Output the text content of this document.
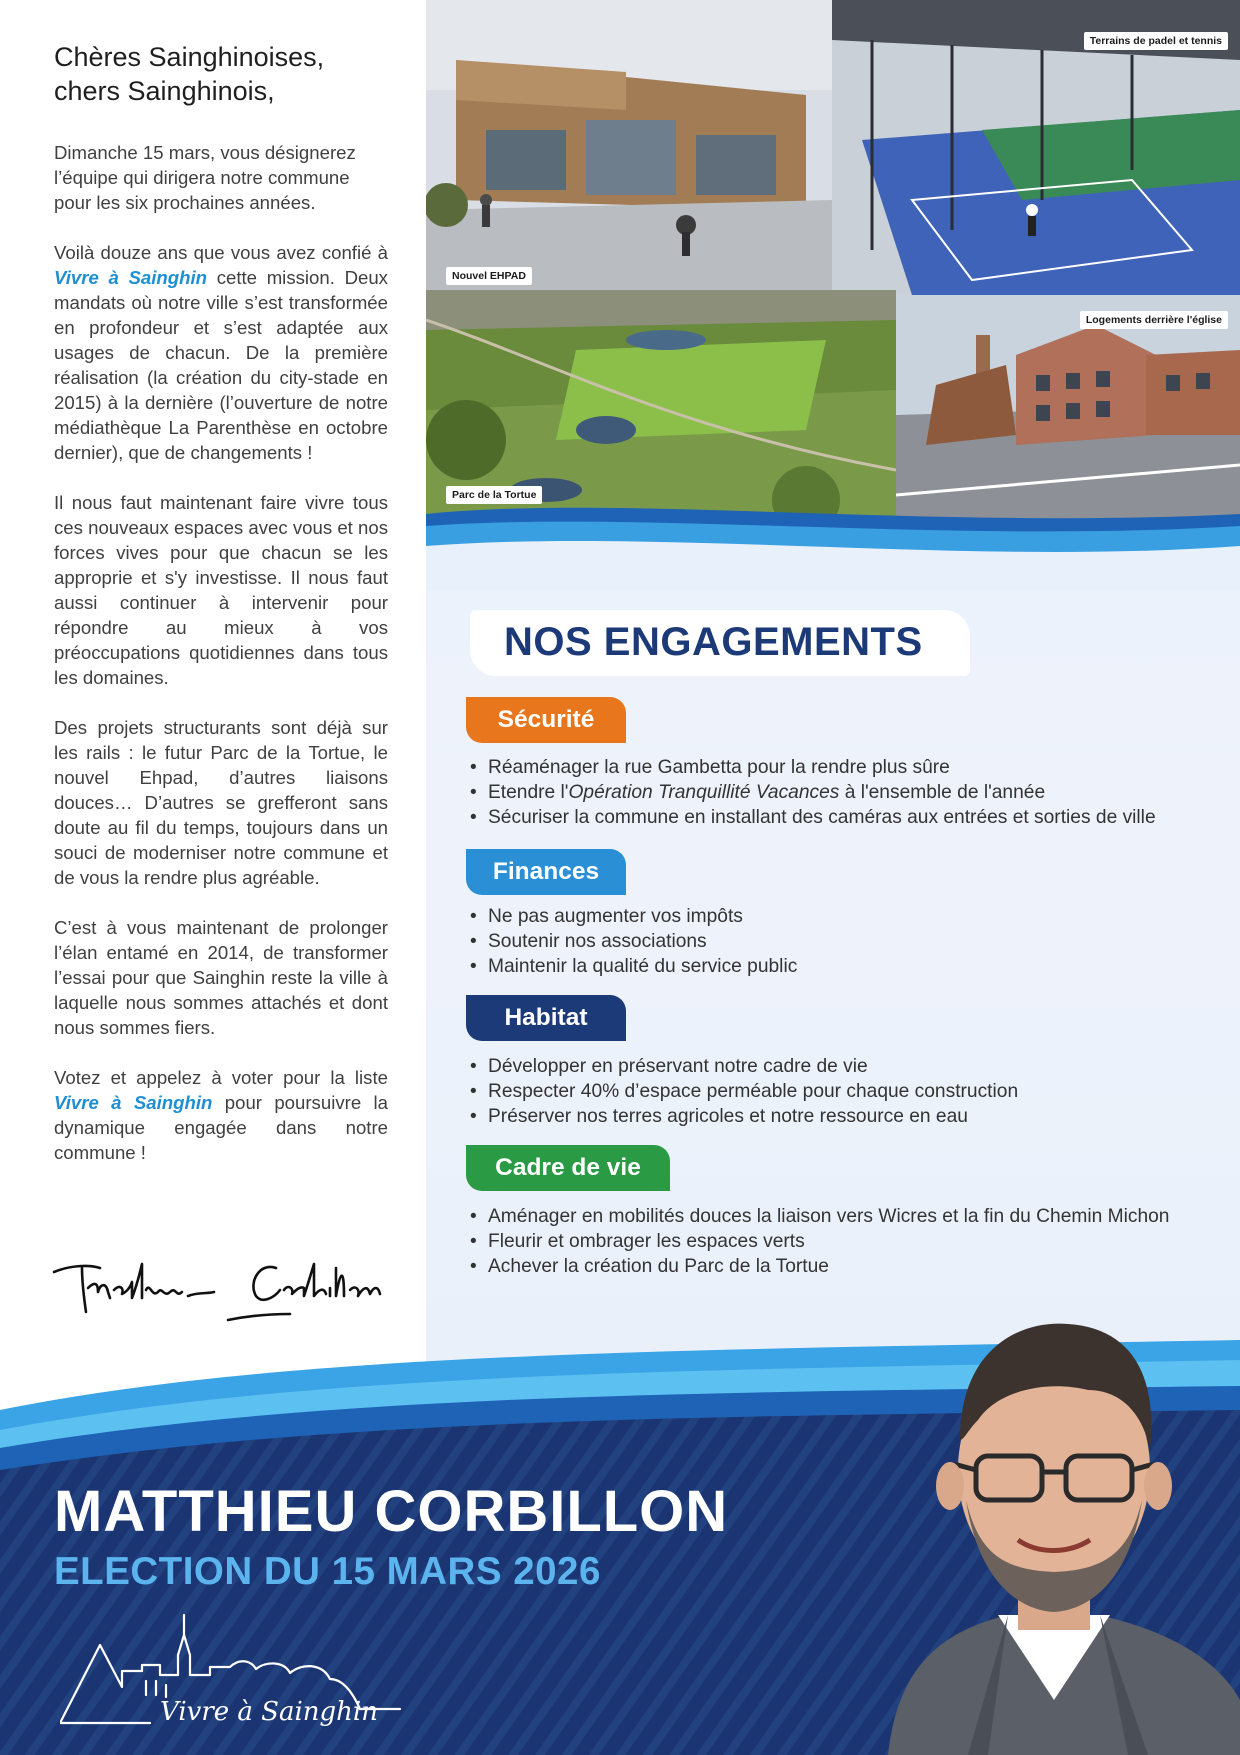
Chères Sainghinoises,
chers Sainghinois,

Dimanche 15 mars, vous désignerez l’équipe qui dirigera notre commune pour les six prochaines années.

Voilà douze ans que vous avez confié à Vivre à Sainghin cette mission. Deux mandats où notre ville s’est transformée en profondeur et s’est adaptée aux usages de chacun. De la première réalisation (la création du city-stade en 2015) à la dernière (l’ouverture de notre médiathèque La Parenthèse en octobre dernier), que de changements !

Il nous faut maintenant faire vivre tous ces nouveaux espaces avec vous et nos forces vives pour que chacun se les approprie et s'y investisse. Il nous faut aussi continuer à intervenir pour répondre au mieux à vos préoccupations quotidiennes dans tous les domaines.

Des projets structurants sont déjà sur les rails : le futur Parc de la Tortue, le nouvel Ehpad, d’autres liaisons douces… D’autres se grefferont sans doute au fil du temps, toujours dans un souci de moderniser notre commune et de vous la rendre plus agréable.

C’est à vous maintenant de prolonger l’élan entamé en 2014, de transformer l’essai pour que Sainghin reste la ville à laquelle nous sommes attachés et dont nous sommes fiers.

Votez et appelez à voter pour la liste Vivre à Sainghin pour poursuivre la dynamique engagée dans notre commune !

Nouvel EHPAD
Terrains de padel et tennis
Parc de la Tortue
Logements derrière l'église
NOS ENGAGEMENTS
Sécurité
• Réaménager la rue Gambetta pour la rendre plus sûre
• Etendre l'Opération Tranquillité Vacances à l'ensemble de l'année
• Sécuriser la commune en installant des caméras aux entrées et sorties de ville
Finances
• Ne pas augmenter vos impôts
• Soutenir nos associations
• Maintenir la qualité du service public
Habitat
• Développer en préservant notre cadre de vie
• Respecter 40% d’espace perméable pour chaque construction
• Préserver nos terres agricoles et notre ressource en eau
Cadre de vie
• Aménager en mobilités douces la liaison vers Wicres et la fin du Chemin Michon
• Fleurir et ombrager les espaces verts
• Achever la création du Parc de la Tortue
MATTHIEU CORBILLON
ELECTION DU 15 MARS 2026
Vivre à Sainghin
